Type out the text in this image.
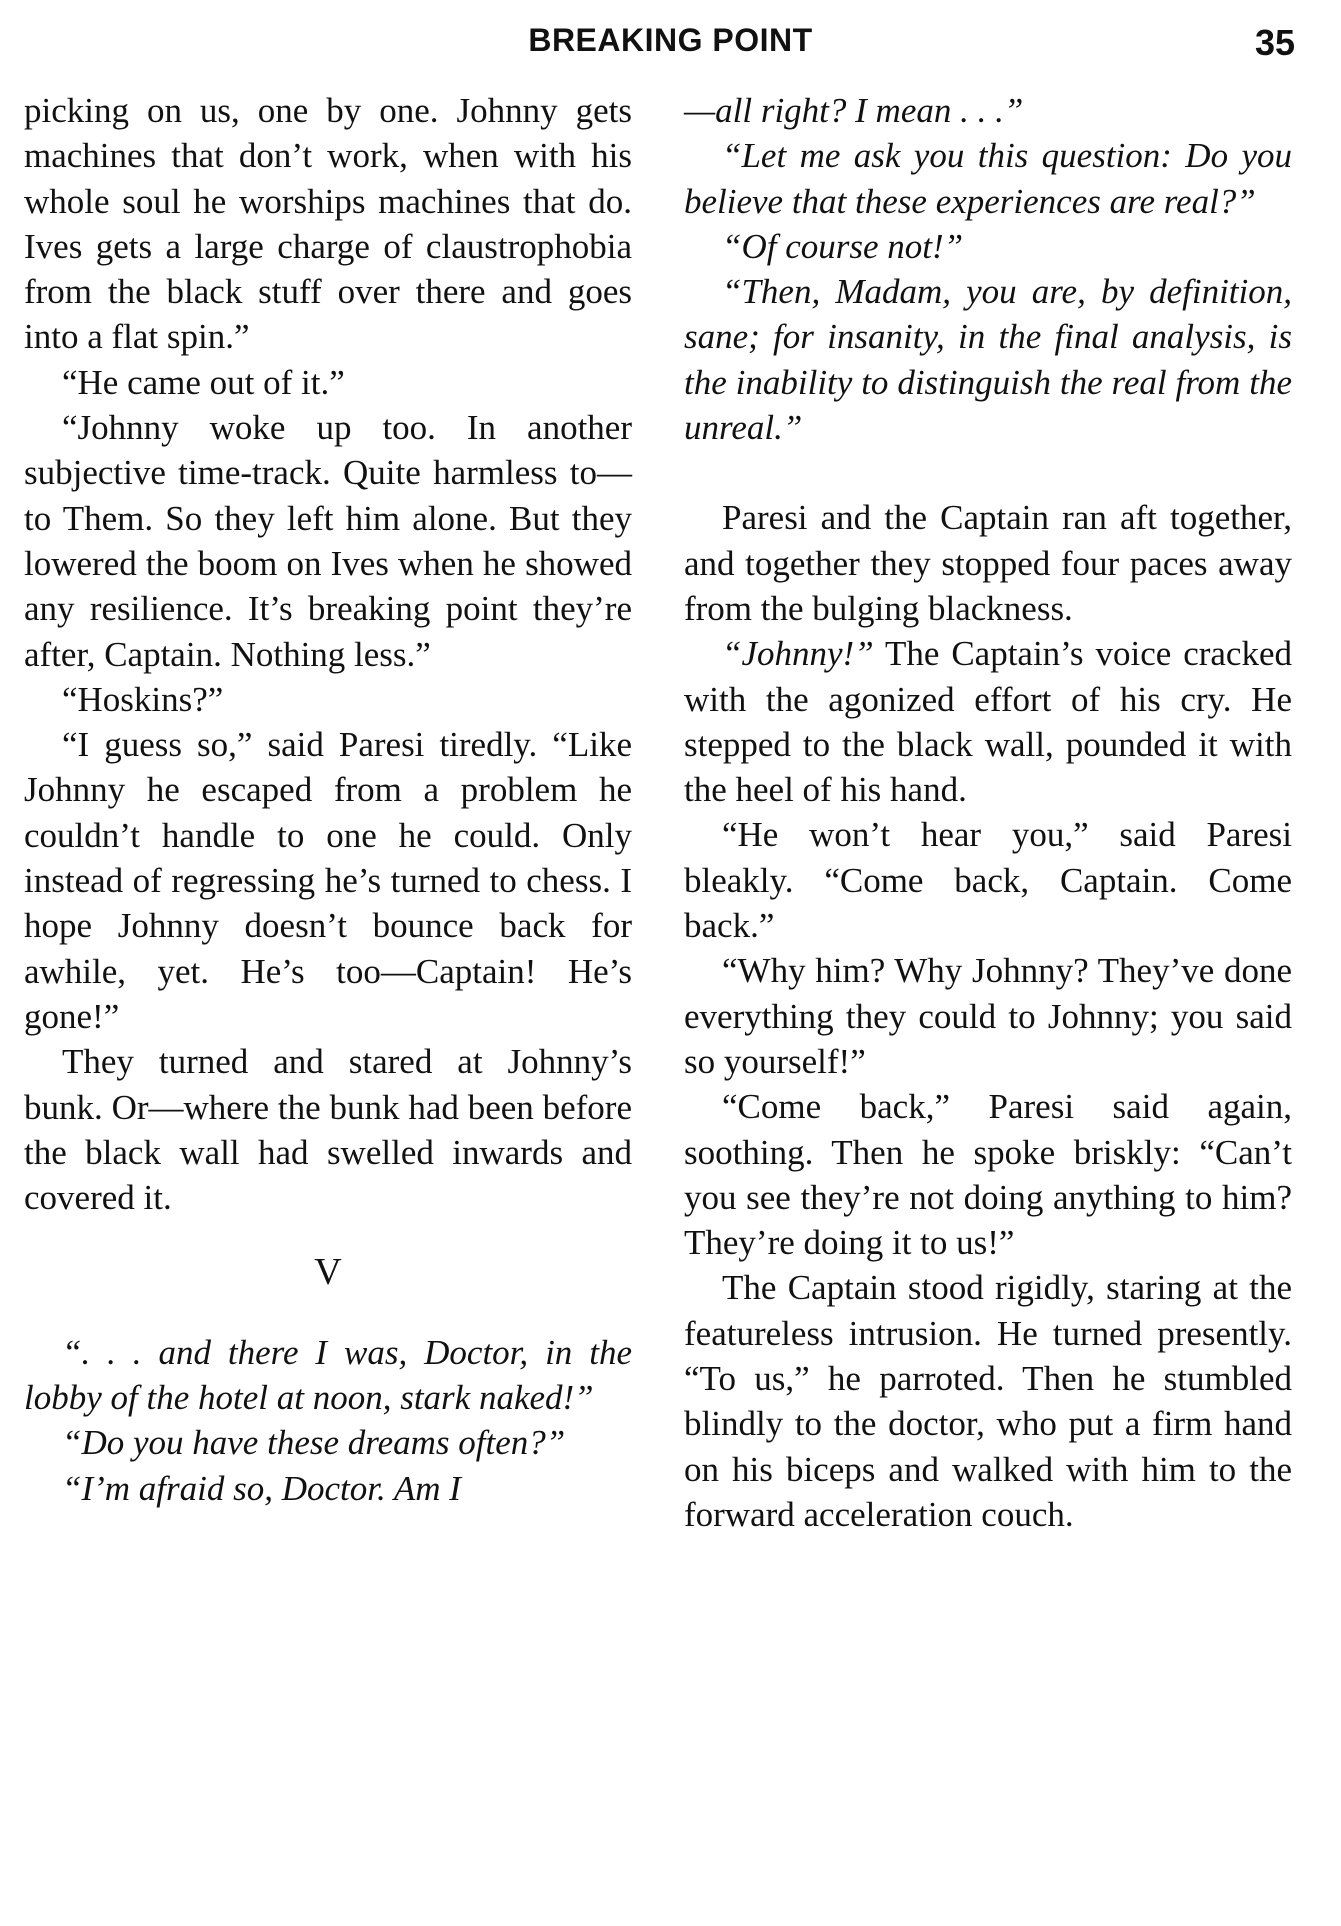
BREAKING POINT	35

picking on us, one by one. Johnny gets machines that don’t work, when with his whole soul he worships machines that do. Ives gets a large charge of claustrophobia from the black stuff over there and goes into a flat spin.”

“He came out of it.”

“Johnny woke up too. In another subjective time-track. Quite harmless to—to Them. So they left him alone. But they lowered the boom on Ives when he showed any resilience. It’s breaking point they’re after, Captain. Nothing less.”

“Hoskins?”

“I guess so,” said Paresi tiredly. “Like Johnny he escaped from a problem he couldn’t handle to one he could. Only instead of regressing he’s turned to chess. I hope Johnny doesn’t bounce back for awhile, yet. He’s too—Captain! He’s gone!”

They turned and stared at Johnny’s bunk. Or—where the bunk had been before the black wall had swelled inwards and covered it.

V

“. . . and there I was, Doctor, in the lobby of the hotel at noon, stark naked!”

“Do you have these dreams often?”

“I’m afraid so, Doctor. Am I

—all right? I mean . . .”

“Let me ask you this question: Do you believe that these experiences are real?”

“Of course not!”

“Then, Madam, you are, by definition, sane; for insanity, in the final analysis, is the inability to distinguish the real from the unreal.”

Paresi and the Captain ran aft together, and together they stopped four paces away from the bulging blackness.

“Johnny!” The Captain’s voice cracked with the agonized effort of his cry. He stepped to the black wall, pounded it with the heel of his hand.

“He won’t hear you,” said Paresi bleakly. “Come back, Captain. Come back.”

“Why him? Why Johnny? They’ve done everything they could to Johnny; you said so yourself!”

“Come back,” Paresi said again, soothing. Then he spoke briskly: “Can’t you see they’re not doing anything to him? They’re doing it to us!”

The Captain stood rigidly, staring at the featureless intrusion. He turned presently. “To us,” he parroted. Then he stumbled blindly to the doctor, who put a firm hand on his biceps and walked with him to the forward acceleration couch.
